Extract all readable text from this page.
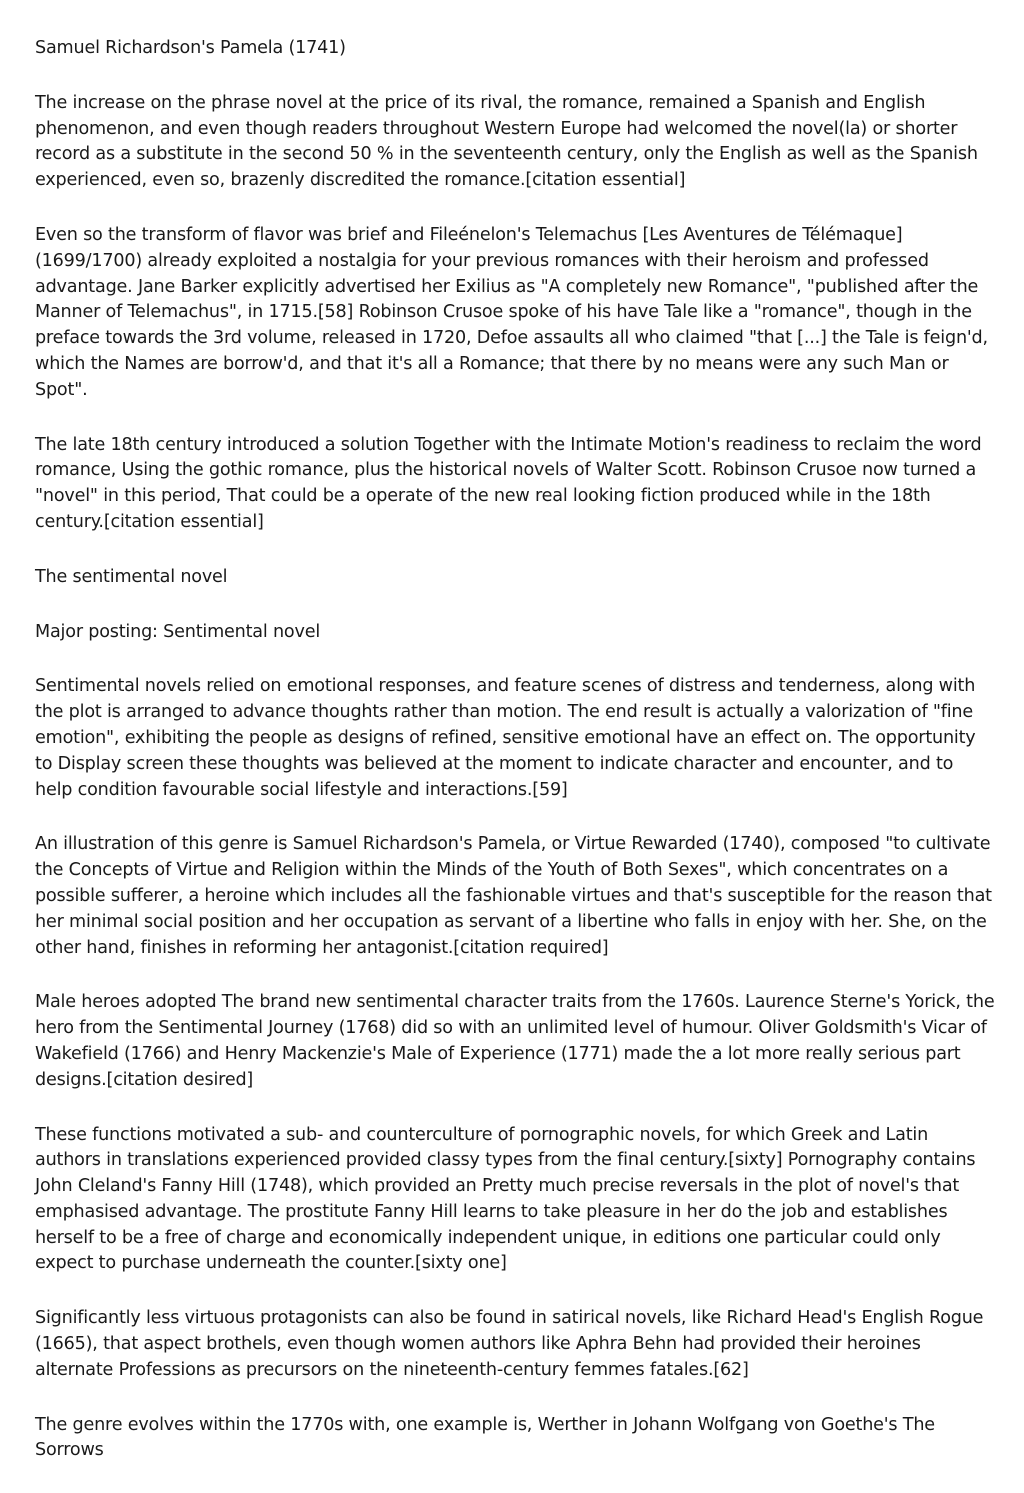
Samuel Richardson's Pamela (1741)

The increase on the phrase novel at the price of its rival, the romance, remained a Spanish and English phenomenon, and even though readers throughout Western Europe had welcomed the novel(la) or shorter record as a substitute in the second 50 % in the seventeenth century, only the English as well as the Spanish experienced, even so, brazenly discredited the romance.[citation essential]

Even so the transform of flavor was brief and Fileénelon's Telemachus [Les Aventures de Télémaque] (1699/1700) already exploited a nostalgia for your previous romances with their heroism and professed advantage. Jane Barker explicitly advertised her Exilius as "A completely new Romance", "published after the Manner of Telemachus", in 1715.[58] Robinson Crusoe spoke of his have Tale like a "romance", though in the preface towards the 3rd volume, released in 1720, Defoe assaults all who claimed "that [...] the Tale is feign'd, which the Names are borrow'd, and that it's all a Romance; that there by no means were any such Man or Spot".

The late 18th century introduced a solution Together with the Intimate Motion's readiness to reclaim the word romance, Using the gothic romance, plus the historical novels of Walter Scott. Robinson Crusoe now turned a "novel" in this period, That could be a operate of the new real looking fiction produced while in the 18th century.[citation essential]

The sentimental novel

Major posting: Sentimental novel

Sentimental novels relied on emotional responses, and feature scenes of distress and tenderness, along with the plot is arranged to advance thoughts rather than motion. The end result is actually a valorization of "fine emotion", exhibiting the people as designs of refined, sensitive emotional have an effect on. The opportunity to Display screen these thoughts was believed at the moment to indicate character and encounter, and to help condition favourable social lifestyle and interactions.[59]

An illustration of this genre is Samuel Richardson's Pamela, or Virtue Rewarded (1740), composed "to cultivate the Concepts of Virtue and Religion within the Minds of the Youth of Both Sexes", which concentrates on a possible sufferer, a heroine which includes all the fashionable virtues and that's susceptible for the reason that her minimal social position and her occupation as servant of a libertine who falls in enjoy with her. She, on the other hand, finishes in reforming her antagonist.[citation required]

Male heroes adopted The brand new sentimental character traits from the 1760s. Laurence Sterne's Yorick, the hero from the Sentimental Journey (1768) did so with an unlimited level of humour. Oliver Goldsmith's Vicar of Wakefield (1766) and Henry Mackenzie's Male of Experience (1771) made the a lot more really serious part designs.[citation desired]

These functions motivated a sub- and counterculture of pornographic novels, for which Greek and Latin authors in translations experienced provided classy types from the final century.[sixty] Pornography contains John Cleland's Fanny Hill (1748), which provided an Pretty much precise reversals in the plot of novel's that emphasised advantage. The prostitute Fanny Hill learns to take pleasure in her do the job and establishes herself to be a free of charge and economically independent unique, in editions one particular could only expect to purchase underneath the counter.[sixty one]

Significantly less virtuous protagonists can also be found in satirical novels, like Richard Head's English Rogue (1665), that aspect brothels, even though women authors like Aphra Behn had provided their heroines alternate Professions as precursors on the nineteenth-century femmes fatales.[62]

The genre evolves within the 1770s with, one example is, Werther in Johann Wolfgang von Goethe's The Sorrows
